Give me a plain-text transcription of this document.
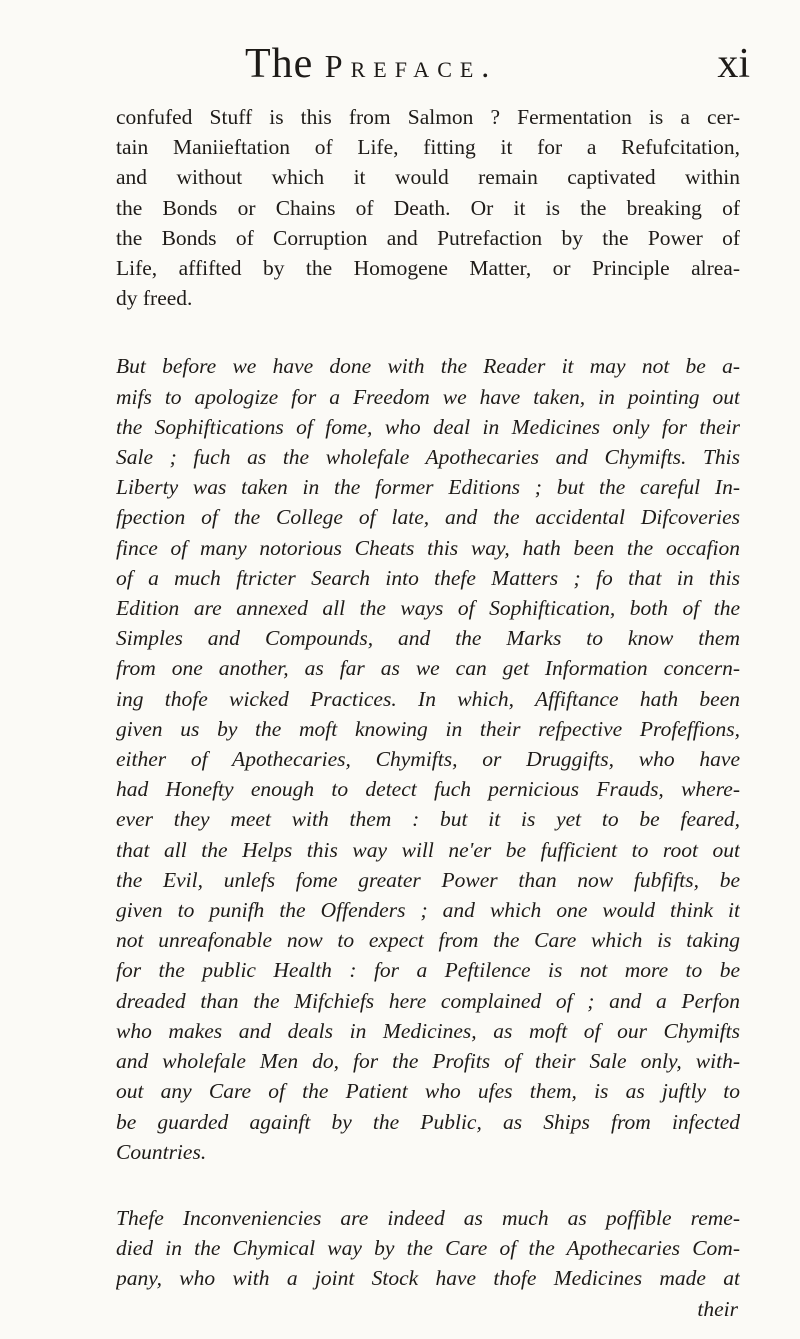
The Preface.	xi

confufed Stuff is this from Salmon ? Fermentation is a cer-
tain Maniieftation of Life, fitting it for a Refufcitation,
and without which it would remain captivated within
the Bonds or Chains of Death. Or it is the breaking of
the Bonds of Corruption and Putrefaction by the Power of
Life, affifted by the Homogene Matter, or Principle alrea-
dy freed.

But before we have done with the Reader it may not be a-
mifs to apologize for a Freedom we have taken, in pointing out
the Sophiftications of fome, who deal in Medicines only for their
Sale ; fuch as the wholefale Apothecaries and Chymifts. This
Liberty was taken in the former Editions ; but the careful In-
fpection of the College of late, and the accidental Difcoveries
fince of many notorious Cheats this way, hath been the occafion
of a much ftricter Search into thefe Matters ; fo that in this
Edition are annexed all the ways of Sophiftication, both of the
Simples and Compounds, and the Marks to know them
from one another, as far as we can get Information concern-
ing thofe wicked Practices. In which, Affiftance hath been
given us by the moft knowing in their refpective Profeffions,
either of Apothecaries, Chymifts, or Druggifts, who have
had Honefty enough to detect fuch pernicious Frauds, where-
ever they meet with them : but it is yet to be feared,
that all the Helps this way will ne'er be fufficient to root out
the Evil, unlefs fome greater Power than now fubfifts, be
given to punifh the Offenders ; and which one would think it
not unreafonable now to expect from the Care which is taking
for the public Health : for a Peftilence is not more to be
dreaded than the Mifchiefs here complained of ; and a Perfon
who makes and deals in Medicines, as moft of our Chymifts
and wholefale Men do, for the Profits of their Sale only, with-
out any Care of the Patient who ufes them, is as juftly to
be guarded againft by the Public, as Ships from infected
Countries.

Thefe Inconveniencies are indeed as much as poffible reme-
died in the Chymical way by the Care of the Apothecaries Com-
pany, who with a joint Stock have thofe Medicines made at
their
